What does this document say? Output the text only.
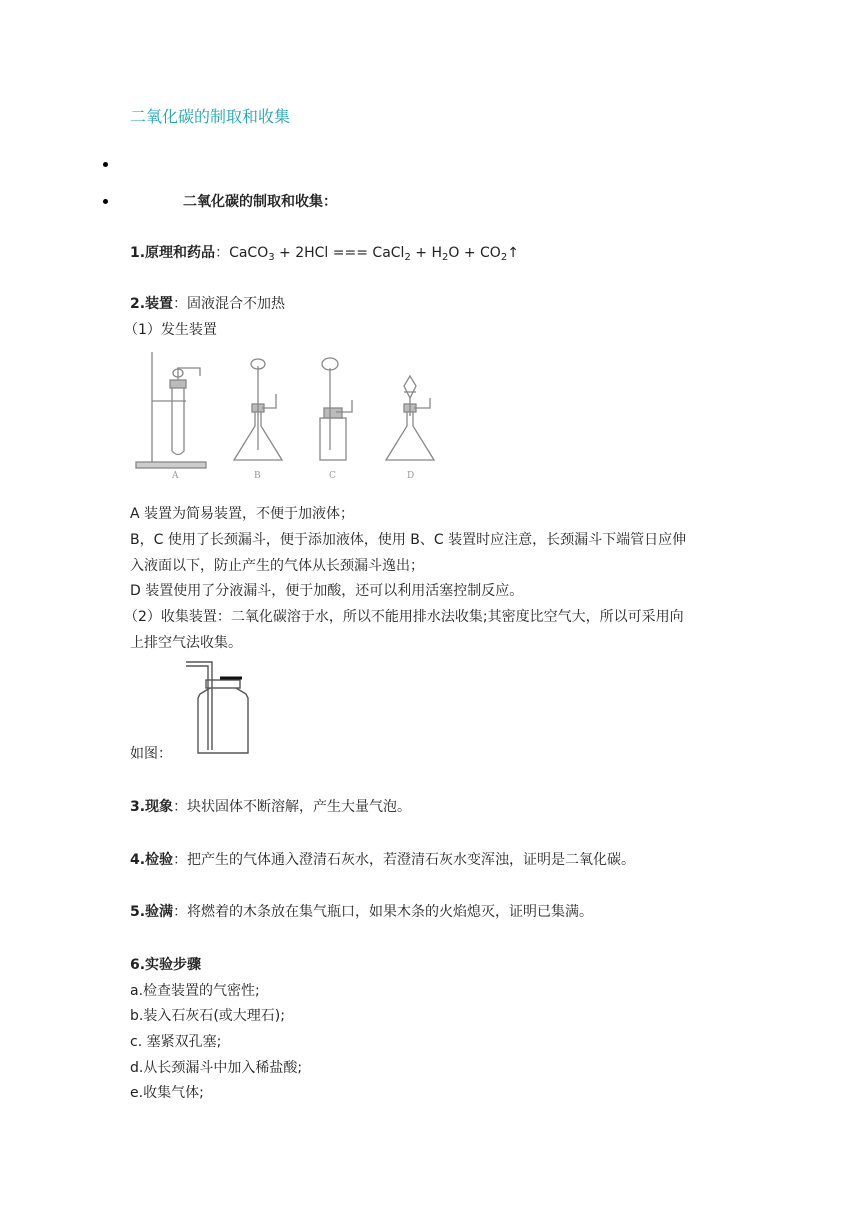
二氧化碳的制取和收集
二氧化碳的制取和收集：
1.原理和药品：CaCO$_3$ + 2HCl === CaCl$_2$ + $H_2O$ + $CO_2↑$
2.装置：固液混合不加热
（1）发生装置
A	B	C	D
A 装置为简易装置，不便于加液体；
B，C 使用了长颈漏斗，便于添加液体，使用 B、C 装置时应注意，长颈漏斗下端管日应伸
入液面以下，防止产生的气体从长颈漏斗逸出；
D 装置使用了分液漏斗，便于加酸，还可以利用活塞控制反应。
（2）收集装置：二氧化碳溶于水，所以不能用排水法收集;其密度比空气大，所以可采用向
上排空气法收集。
如图：
3.现象：块状固体不断溶解，产生大量气泡。
4.检验：把产生的气体通入澄清石灰水，若澄清石灰水变浑浊，证明是二氧化碳。
5.验满：将燃着的木条放在集气瓶口，如果木条的火焰熄灭，证明已集满。
6.实验步骤
a.检查装置的气密性;
b.装入石灰石(或大理石);
c. 塞紧双孔塞;
d.从长颈漏斗中加入稀盐酸;
e.收集气体;
